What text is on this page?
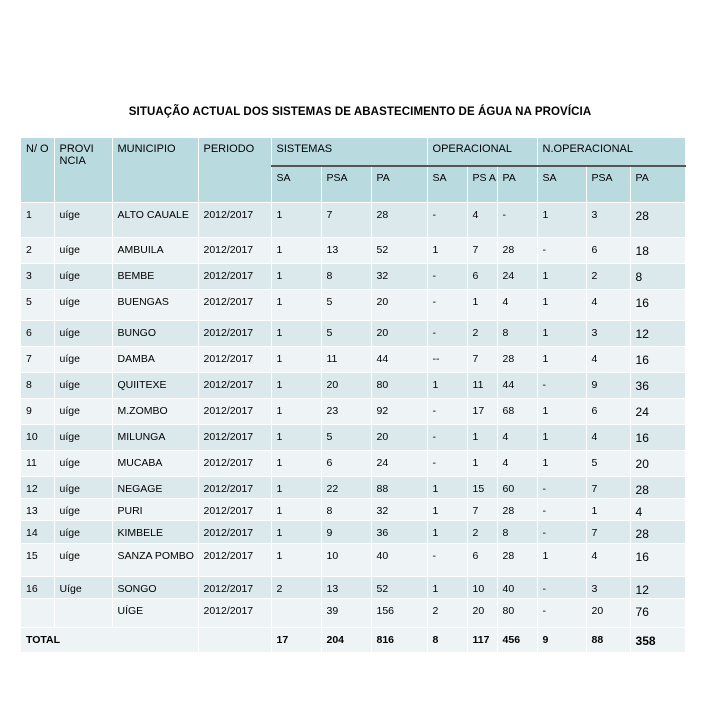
SITUAÇÃO ACTUAL DOS SISTEMAS DE ABASTECIMENTO DE ÁGUA NA PROVÍCIA
N/ O	PROVI NCIA	MUNICIPIO	PERIODO	SISTEMAS			OPERACIONAL			N.OPERACIONAL		
				SA	PSA	PA	SA	PS A	PA	SA	PSA	PA
1	uíge	ALTO CAUALE	2012/2017	1	7	28	-	4	-	1	3	28
2	uíge	AMBUILA	2012/2017	1	13	52	1	7	28	-	6	18
3	uíge	BEMBE	2012/2017	1	8	32	-	6	24	1	2	8
5	uíge	BUENGAS	2012/2017	1	5	20	-	1	4	1	4	16
6	uíge	BUNGO	2012/2017	1	5	20	-	2	8	1	3	12
7	uíge	DAMBA	2012/2017	1	11	44	--	7	28	1	4	16
8	uíge	QUIITEXE	2012/2017	1	20	80	1	11	44	-	9	36
9	uíge	M.ZOMBO	2012/2017	1	23	92	-	17	68	1	6	24
10	uíge	MILUNGA	2012/2017	1	5	20	-	1	4	1	4	16
11	uíge	MUCABA	2012/2017	1	6	24	-	1	4	1	5	20
12	uíge	NEGAGE	2012/2017	1	22	88	1	15	60	-	7	28
13	uíge	PURI	2012/2017	1	8	32	1	7	28	-	1	4
14	uíge	KIMBELE	2012/2017	1	9	36	1	2	8	-	7	28
15	uíge	SANZA POMBO	2012/2017	1	10	40	-	6	28	1	4	16
16	Uíge	SONGO	2012/2017	2	13	52	1	10	40	-	3	12
		UÍGE	2012/2017		39	156	2	20	80	-	20	76
TOTAL				17	204	816	8	117	456	9	88	358
